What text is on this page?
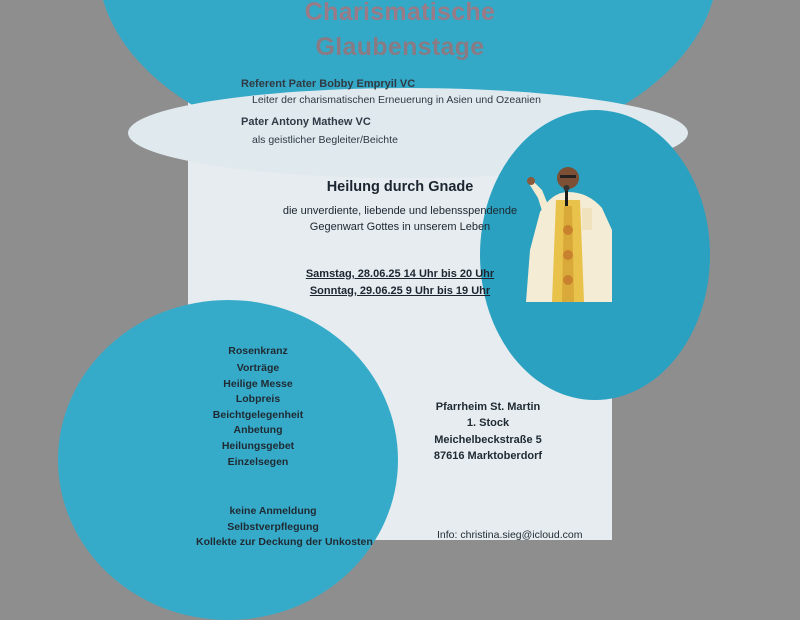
Charismatische
Glaubenstage
Referent Pater Bobby Empryil VC
Leiter der charismatischen Erneuerung in Asien und Ozeanien
Pater Antony Mathew VC
als geistlicher Begleiter/Beichte
Heilung durch Gnade
die unverdiente, liebende und lebensspendende
Gegenwart Gottes in unserem Leben
Samstag, 28.06.25 14 Uhr bis 20 Uhr
Sonntag, 29.06.25 9 Uhr bis 19 Uhr
Rosenkranz
Vorträge
Heilige Messe
Lobpreis
Beichtgelegenheit
Anbetung
Heilungsgebet
Einzelsegen
Pfarrheim St. Martin
1. Stock
Meichelbeckstraße 5
87616 Marktoberdorf
keine Anmeldung
Selbstverpflegung
Kollekte zur Deckung der Unkosten
Info: christina.sieg@icloud.com
